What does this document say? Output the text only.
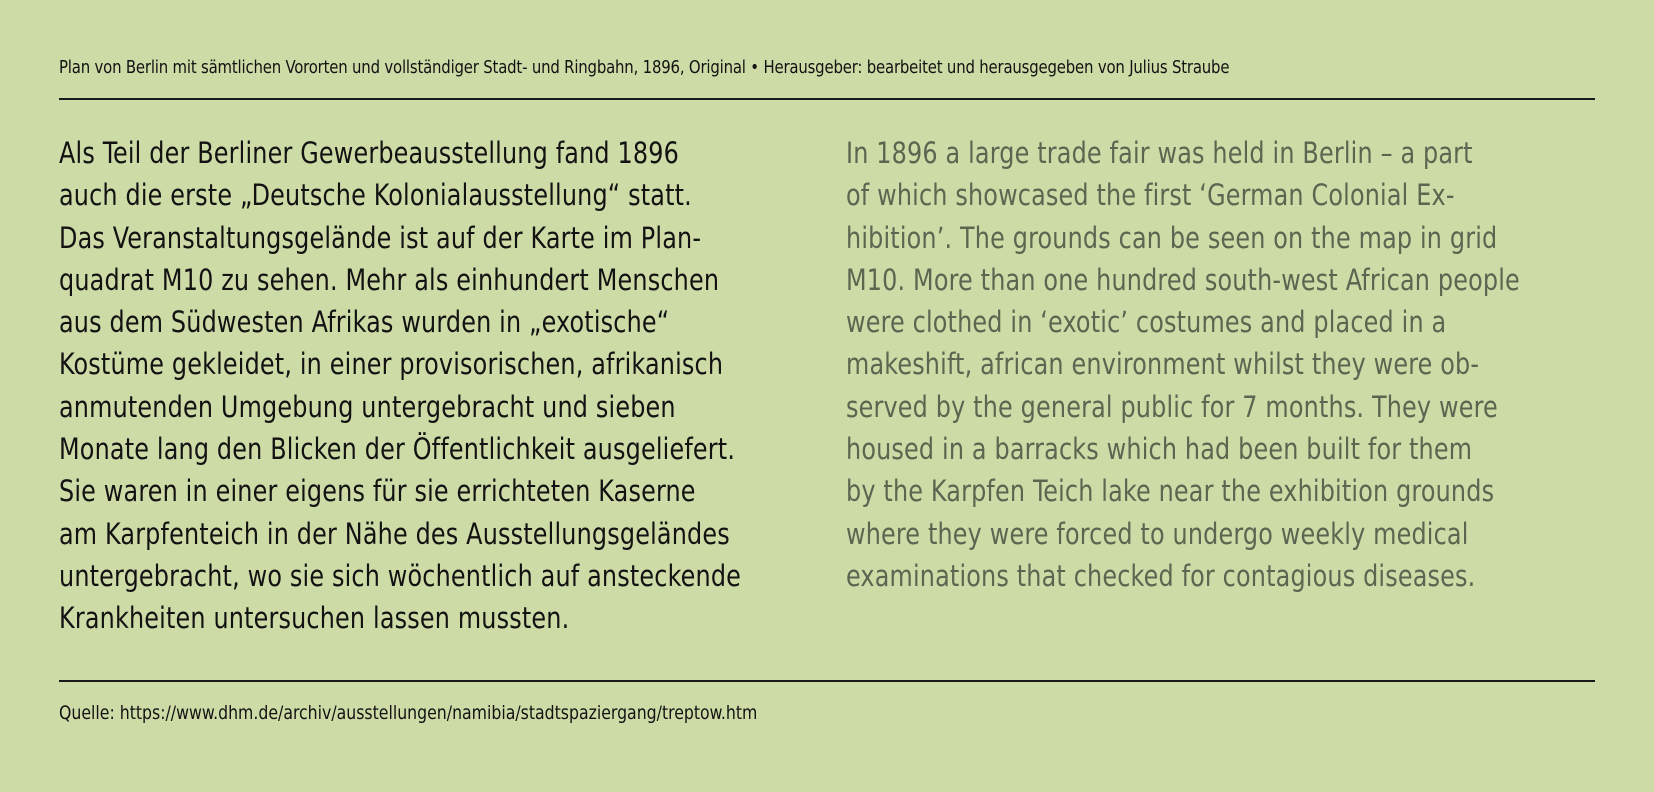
Plan von Berlin mit sämtlichen Vororten und vollständiger Stadt- und Ringbahn, 1896, Original • Herausgeber: bearbeitet und herausgegeben von Julius Straube
Als Teil der Berliner Gewerbeausstellung fand 1896
auch die erste „Deutsche Kolonialausstellung“ statt.
Das Veranstaltungsgelände ist auf der Karte im Plan-
quadrat M10 zu sehen. Mehr als einhundert Menschen
aus dem Südwesten Afrikas wurden in „exotische“
Kostüme gekleidet, in einer provisorischen, afrikanisch
anmutenden Umgebung untergebracht und sieben
Monate lang den Blicken der Öffentlichkeit ausgeliefert.
Sie waren in einer eigens für sie errichteten Kaserne
am Karpfenteich in der Nähe des Ausstellungsgeländes
untergebracht, wo sie sich wöchentlich auf ansteckende
Krankheiten untersuchen lassen mussten.
In 1896 a large trade fair was held in Berlin – a part
of which showcased the first ‘German Colonial Ex-
hibition’. The grounds can be seen on the map in grid
M10. More than one hundred south-west African people
were clothed in ‘exotic’ costumes and placed in a
makeshift, african environment whilst they were ob-
served by the general public for 7 months. They were
housed in a barracks which had been built for them
by the Karpfen Teich lake near the exhibition grounds
where they were forced to undergo weekly medical
examinations that checked for contagious diseases.
Quelle: https://www.dhm.de/archiv/ausstellungen/namibia/stadtspaziergang/treptow.htm
